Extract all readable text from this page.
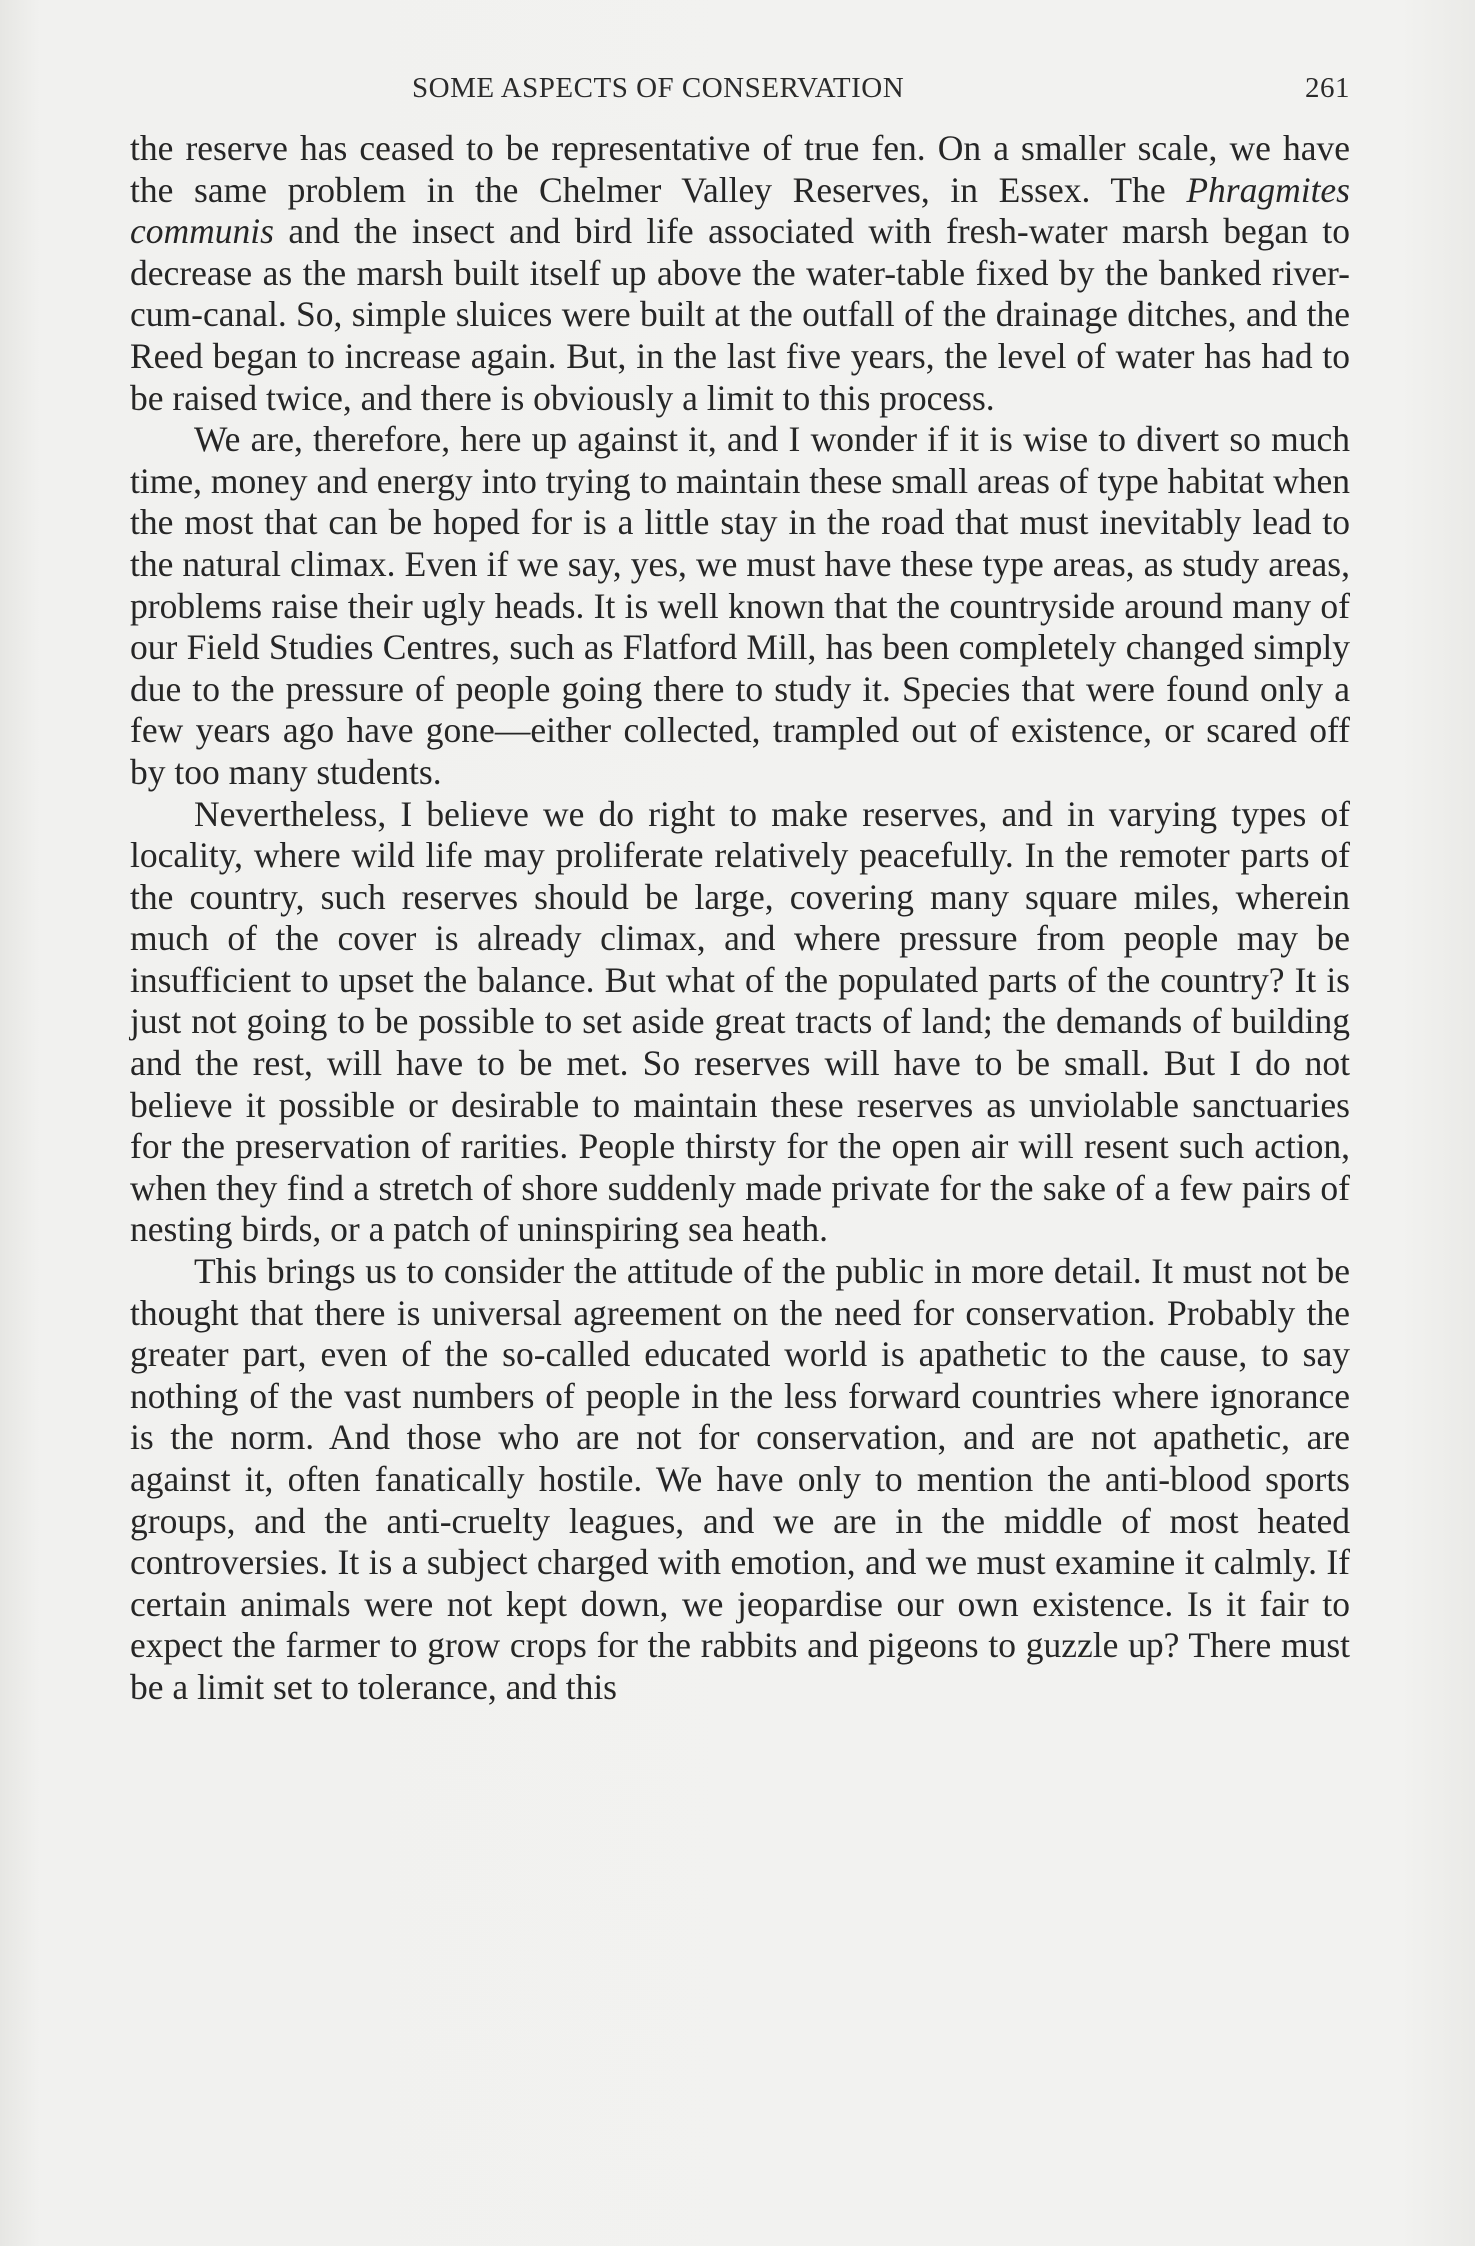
SOME ASPECTS OF CONSERVATION	261

the reserve has ceased to be representative of true fen. On a smaller scale, we have the same problem in the Chelmer Valley Reserves, in Essex. The Phragmites communis and the insect and bird life associated with fresh-water marsh began to decrease as the marsh built itself up above the water-table fixed by the banked river-cum-canal. So, simple sluices were built at the outfall of the drainage ditches, and the Reed began to increase again. But, in the last five years, the level of water has had to be raised twice, and there is obviously a limit to this process.

We are, therefore, here up against it, and I wonder if it is wise to divert so much time, money and energy into trying to maintain these small areas of type habitat when the most that can be hoped for is a little stay in the road that must inevitably lead to the natural climax. Even if we say, yes, we must have these type areas, as study areas, problems raise their ugly heads. It is well known that the countryside around many of our Field Studies Centres, such as Flatford Mill, has been completely changed simply due to the pressure of people going there to study it. Species that were found only a few years ago have gone—either collected, trampled out of existence, or scared off by too many students.

Nevertheless, I believe we do right to make reserves, and in varying types of locality, where wild life may proliferate relatively peacefully. In the remoter parts of the country, such reserves should be large, covering many square miles, wherein much of the cover is already climax, and where pressure from people may be insufficient to upset the balance. But what of the populated parts of the country? It is just not going to be possible to set aside great tracts of land; the demands of building and the rest, will have to be met. So reserves will have to be small. But I do not believe it possible or desirable to maintain these reserves as unviolable sanctuaries for the preservation of rarities. People thirsty for the open air will resent such action, when they find a stretch of shore suddenly made private for the sake of a few pairs of nesting birds, or a patch of uninspiring sea heath.

This brings us to consider the attitude of the public in more detail. It must not be thought that there is universal agreement on the need for conservation. Probably the greater part, even of the so-called educated world is apathetic to the cause, to say nothing of the vast numbers of people in the less forward countries where ignorance is the norm. And those who are not for conservation, and are not apathetic, are against it, often fanatically hostile. We have only to mention the anti-blood sports groups, and the anti-cruelty leagues, and we are in the middle of most heated controversies. It is a subject charged with emotion, and we must examine it calmly. If certain animals were not kept down, we jeopardise our own existence. Is it fair to expect the farmer to grow crops for the rabbits and pigeons to guzzle up? There must be a limit set to tolerance, and this
